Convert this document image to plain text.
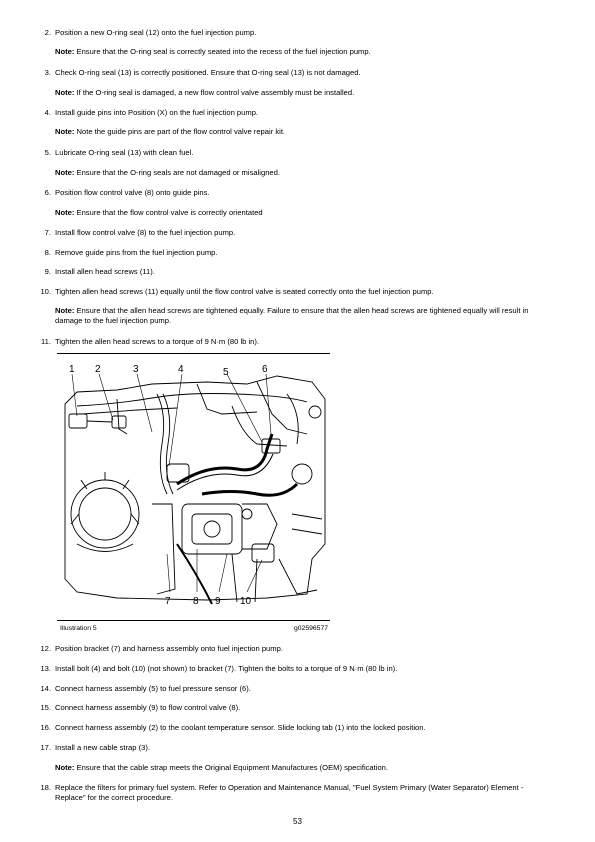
2. Position a new O-ring seal (12) onto the fuel injection pump.
Note: Ensure that the O-ring seal is correctly seated into the recess of the fuel injection pump.
3. Check O-ring seal (13) is correctly positioned. Ensure that O-ring seal (13) is not damaged.
Note: If the O-ring seal is damaged, a new flow control valve assembly must be installed.
4. Install guide pins into Position (X) on the fuel injection pump.
Note: Note the guide pins are part of the flow control valve repair kit.
5. Lubricate O-ring seal (13) with clean fuel.
Note: Ensure that the O-ring seals are not damaged or misaligned.
6. Position flow control valve (8) onto guide pins.
Note: Ensure that the flow control valve is correctly orientated
7. Install flow control valve (8) to the fuel injection pump.
8. Remove guide pins from the fuel injection pump.
9. Install allen head screws (11).
10. Tighten allen head screws (11) equally until the flow control valve is seated correctly onto the fuel injection pump.
Note: Ensure that the allen head screws are tightened equally. Failure to ensure that the allen head screws are tightened equally will result in damage to the fuel injection pump.
11. Tighten the allen head screws to a torque of 9 N·m (80 lb in).
1 2	3	4	5	6
7 8 9 10
Illustration 5	g02596577
12. Position bracket (7) and harness assembly onto fuel injection pump.
13. Install bolt (4) and bolt (10) (not shown) to bracket (7). Tighten the bolts to a torque of 9 N·m (80 lb in).
14. Connect harness assembly (5) to fuel pressure sensor (6).
15. Connect harness assembly (9) to flow control valve (8).
16. Connect harness assembly (2) to the coolant temperature sensor. Slide locking tab (1) into the locked position.
17. Install a new cable strap (3).
Note: Ensure that the cable strap meets the Original Equipment Manufactures (OEM) specification.
18. Replace the filters for primary fuel system. Refer to Operation and Maintenance Manual, "Fuel System Primary (Water Separator) Element - Replace" for the correct procedure.
53
